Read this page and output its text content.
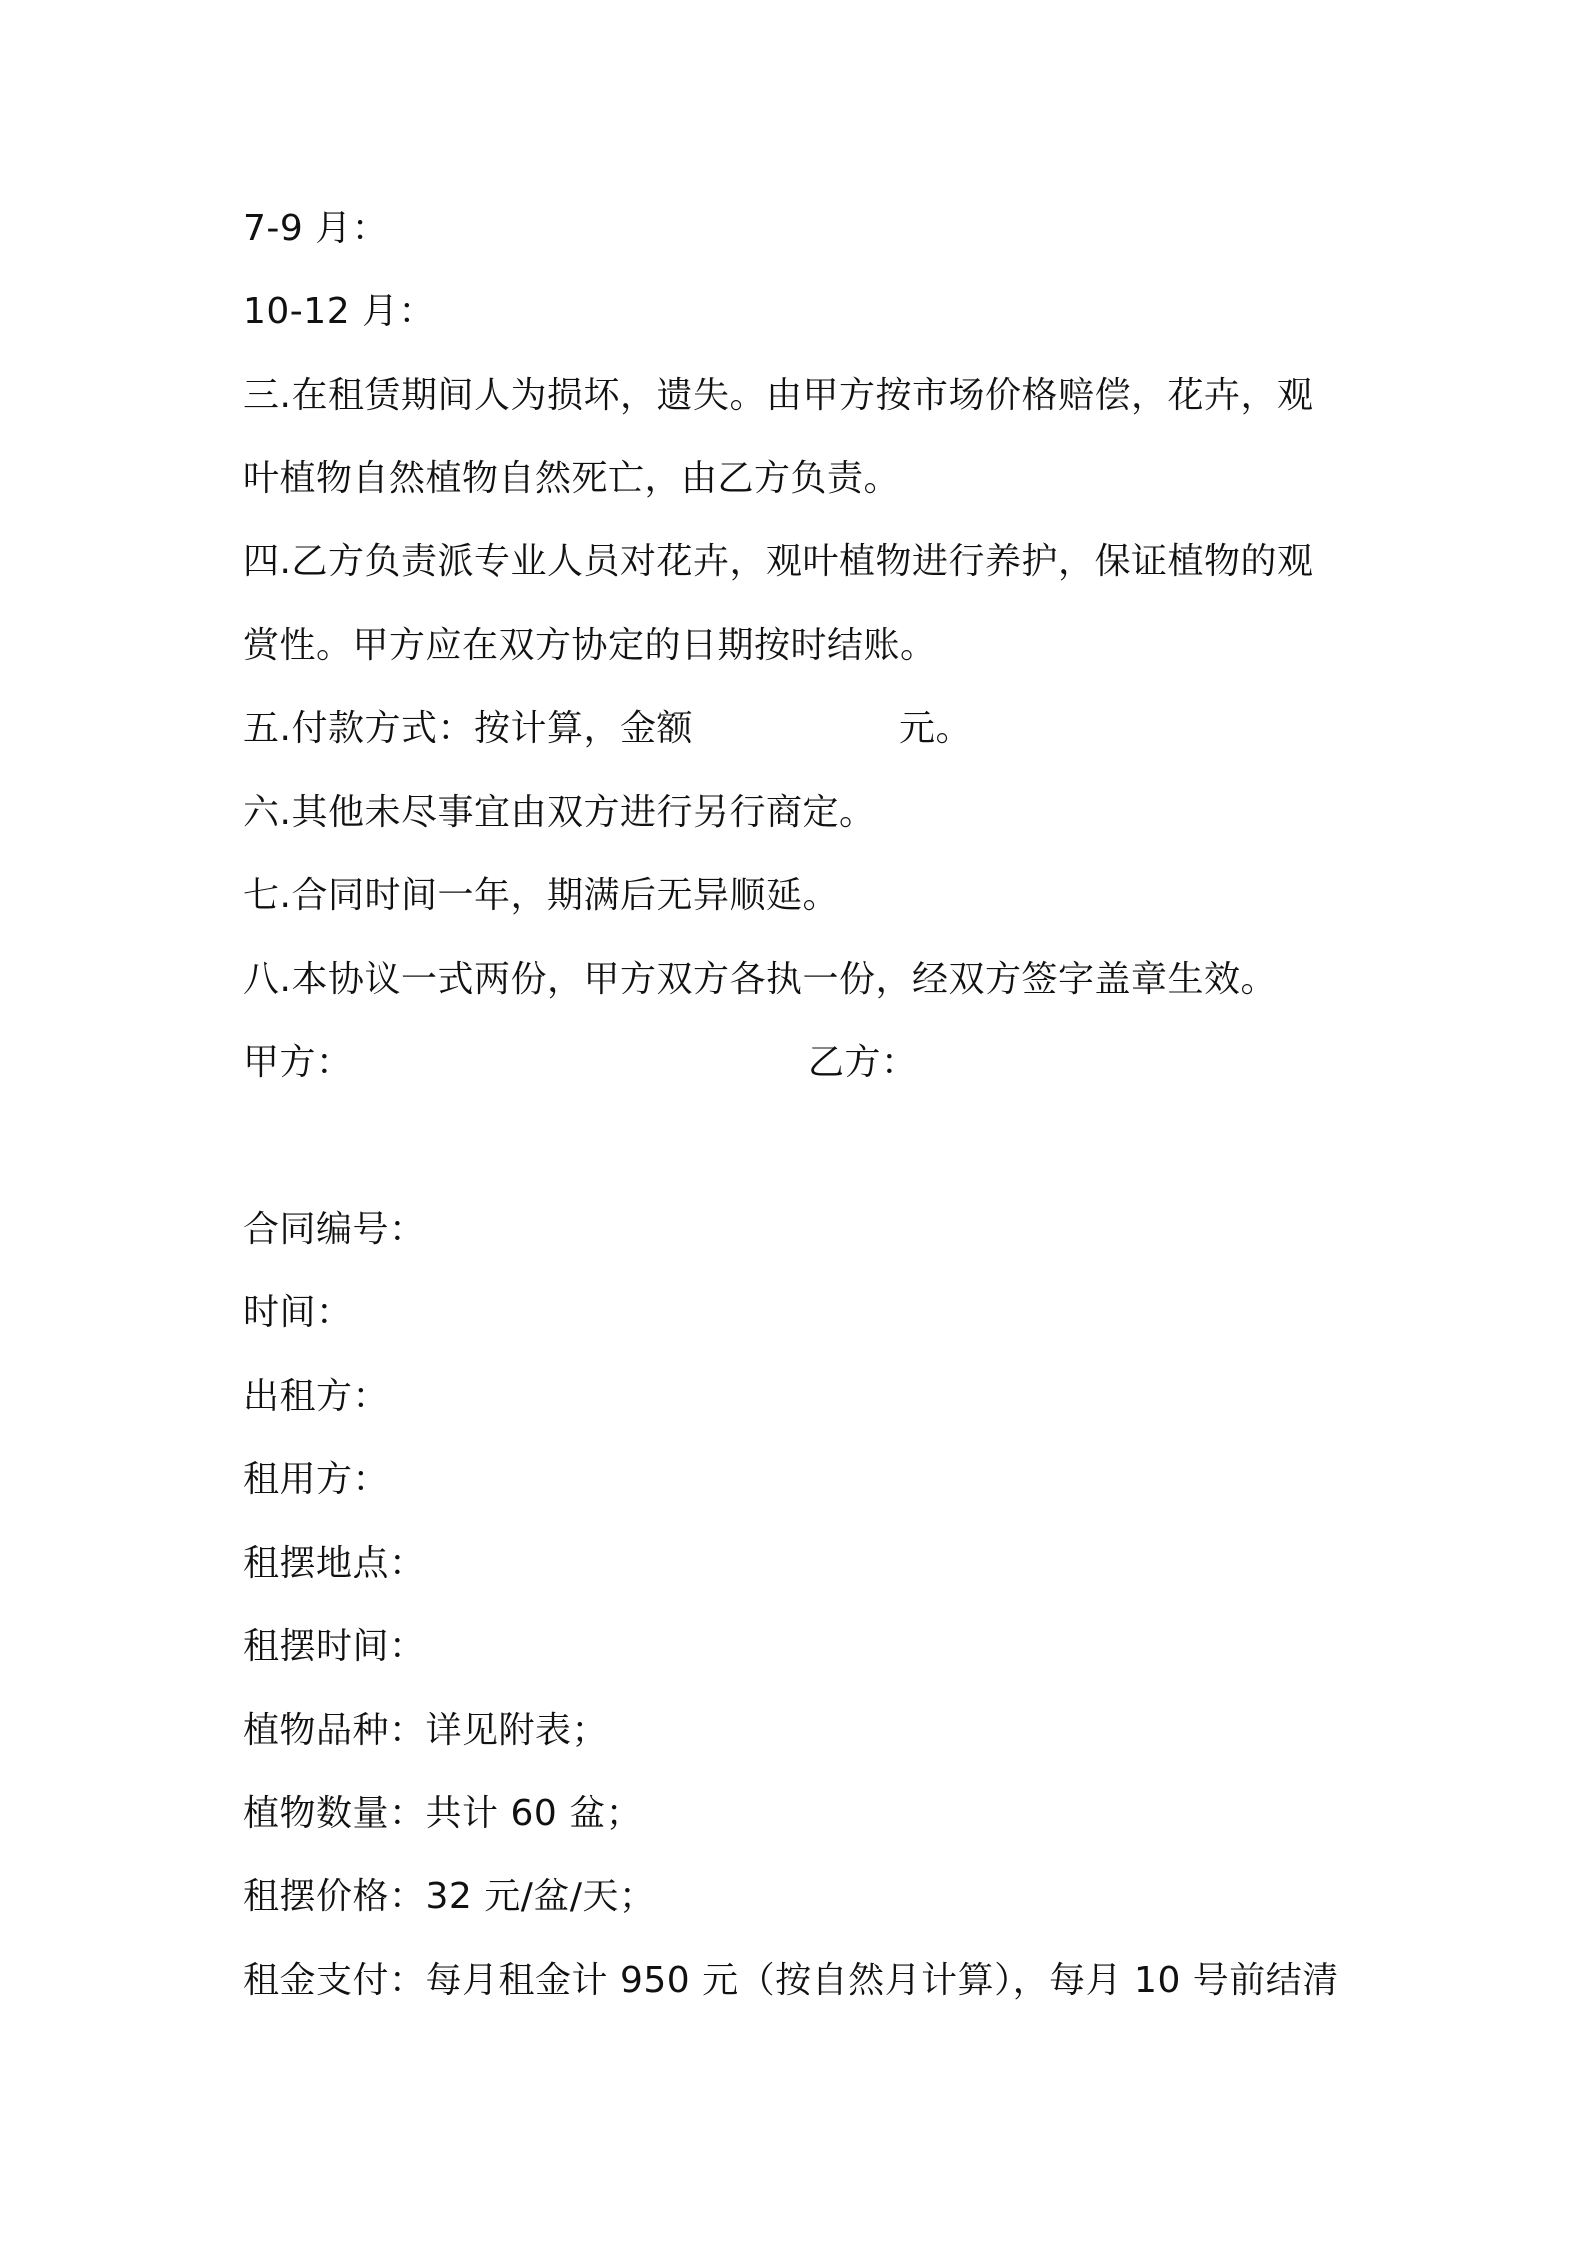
7-9 月：
10-12 月：
三.在租赁期间人为损坏，遗失。由甲方按市场价格赔偿，花卉，观
叶植物自然植物自然死亡，由乙方负责。
四.乙方负责派专业人员对花卉，观叶植物进行养护，保证植物的观
赏性。甲方应在双方协定的日期按时结账。
五.付款方式：按计算，金额	元。
六.其他未尽事宜由双方进行另行商定。
七.合同时间一年，期满后无异顺延。
八.本协议一式两份，甲方双方各执一份，经双方签字盖章生效。
甲方：	乙方：
合同编号：
时间：
出租方：
租用方：
租摆地点：
租摆时间：
植物品种：详见附表；
植物数量：共计 60 盆；
租摆价格：32 元/盆/天；
租金支付：每月租金计 950 元（按自然月计算），每月 10 号前结清
